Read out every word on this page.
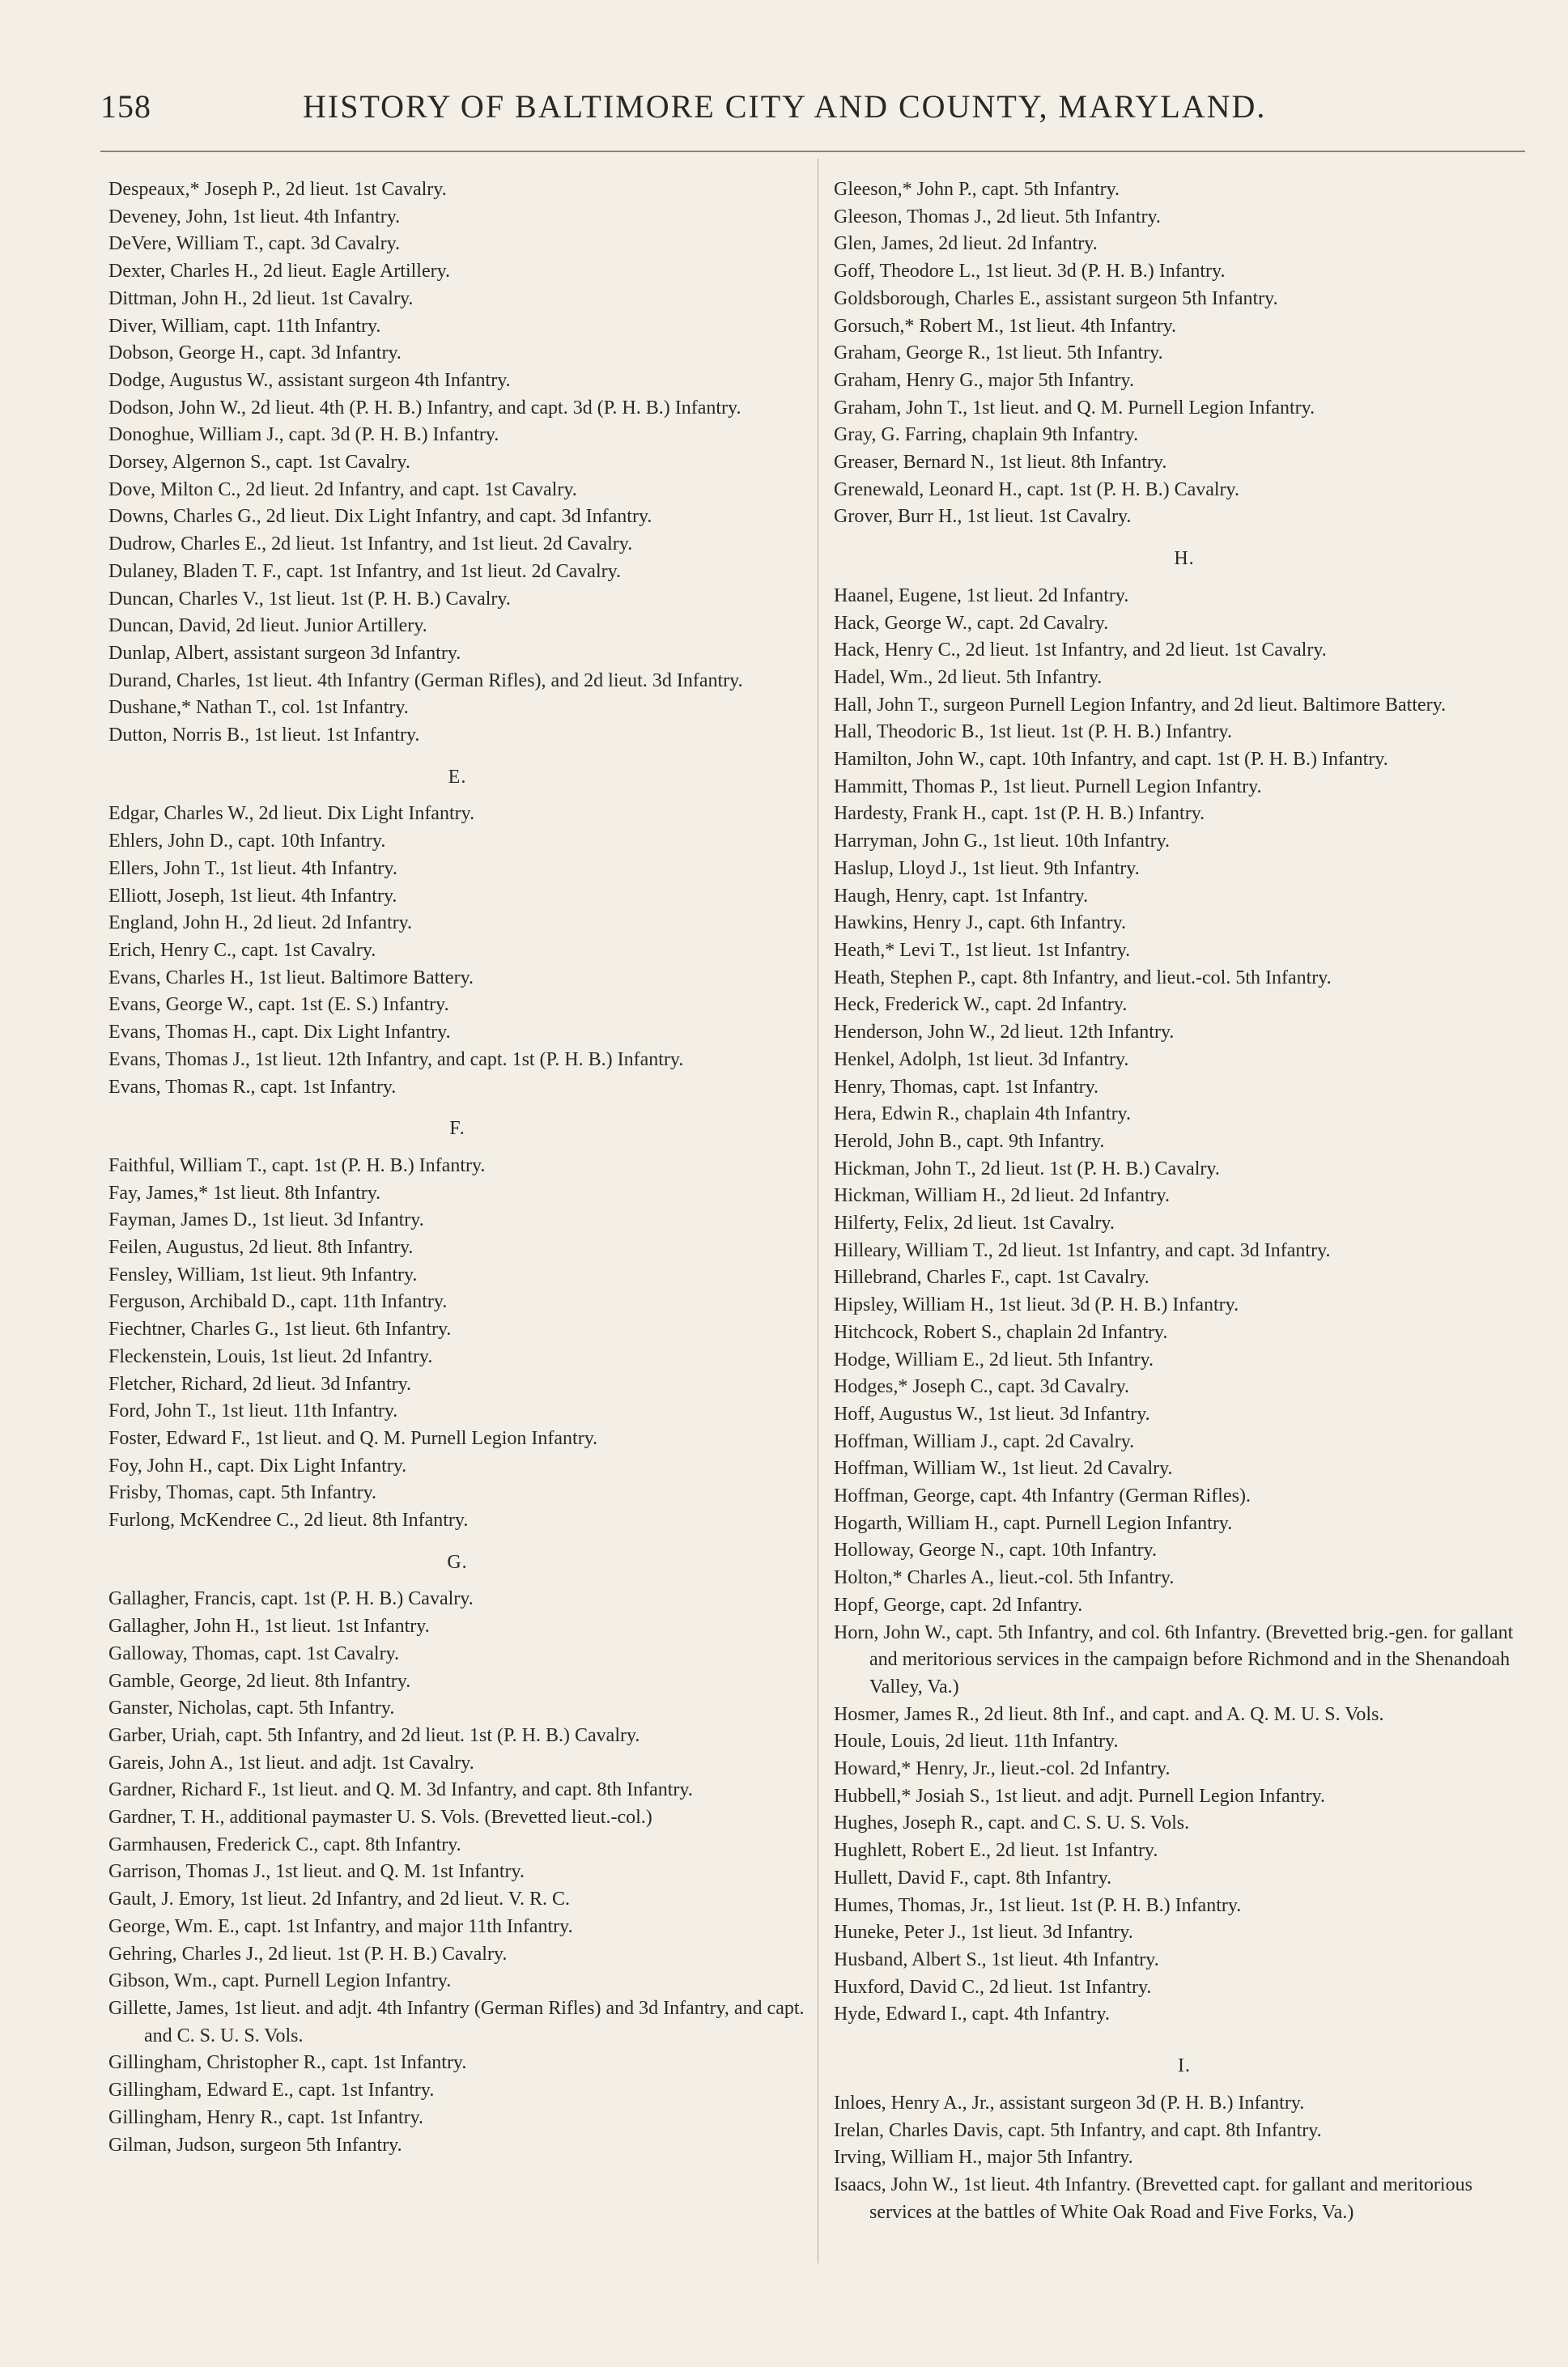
158	HISTORY OF BALTIMORE CITY AND COUNTY, MARYLAND.

Despeaux,* Joseph P., 2d lieut. 1st Cavalry.

Deveney, John, 1st lieut. 4th Infantry.

DeVere, William T., capt. 3d Cavalry.

Dexter, Charles H., 2d lieut. Eagle Artillery.

Dittman, John H., 2d lieut. 1st Cavalry.

Diver, William, capt. 11th Infantry.

Dobson, George H., capt. 3d Infantry.

Dodge, Augustus W., assistant surgeon 4th Infantry.

Dodson, John W., 2d lieut. 4th (P. H. B.) Infantry, and capt. 3d (P. H. B.) Infantry.

Donoghue, William J., capt. 3d (P. H. B.) Infantry.

Dorsey, Algernon S., capt. 1st Cavalry.

Dove, Milton C., 2d lieut. 2d Infantry, and capt. 1st Cavalry.

Downs, Charles G., 2d lieut. Dix Light Infantry, and capt. 3d Infantry.

Dudrow, Charles E., 2d lieut. 1st Infantry, and 1st lieut. 2d Cavalry.

Dulaney, Bladen T. F., capt. 1st Infantry, and 1st lieut. 2d Cavalry.

Duncan, Charles V., 1st lieut. 1st (P. H. B.) Cavalry.

Duncan, David, 2d lieut. Junior Artillery.

Dunlap, Albert, assistant surgeon 3d Infantry.

Durand, Charles, 1st lieut. 4th Infantry (German Rifles), and 2d lieut. 3d Infantry.

Dushane,* Nathan T., col. 1st Infantry.

Dutton, Norris B., 1st lieut. 1st Infantry.

E.

Edgar, Charles W., 2d lieut. Dix Light Infantry.

Ehlers, John D., capt. 10th Infantry.

Ellers, John T., 1st lieut. 4th Infantry.

Elliott, Joseph, 1st lieut. 4th Infantry.

England, John H., 2d lieut. 2d Infantry.

Erich, Henry C., capt. 1st Cavalry.

Evans, Charles H., 1st lieut. Baltimore Battery.

Evans, George W., capt. 1st (E. S.) Infantry.

Evans, Thomas H., capt. Dix Light Infantry.

Evans, Thomas J., 1st lieut. 12th Infantry, and capt. 1st (P. H. B.) Infantry.

Evans, Thomas R., capt. 1st Infantry.

F.

Faithful, William T., capt. 1st (P. H. B.) Infantry.

Fay, James,* 1st lieut. 8th Infantry.

Fayman, James D., 1st lieut. 3d Infantry.

Feilen, Augustus, 2d lieut. 8th Infantry.

Fensley, William, 1st lieut. 9th Infantry.

Ferguson, Archibald D., capt. 11th Infantry.

Fiechtner, Charles G., 1st lieut. 6th Infantry.

Fleckenstein, Louis, 1st lieut. 2d Infantry.

Fletcher, Richard, 2d lieut. 3d Infantry.

Ford, John T., 1st lieut. 11th Infantry.

Foster, Edward F., 1st lieut. and Q. M. Purnell Legion Infantry.

Foy, John H., capt. Dix Light Infantry.

Frisby, Thomas, capt. 5th Infantry.

Furlong, McKendree C., 2d lieut. 8th Infantry.

G.

Gallagher, Francis, capt. 1st (P. H. B.) Cavalry.

Gallagher, John H., 1st lieut. 1st Infantry.

Galloway, Thomas, capt. 1st Cavalry.

Gamble, George, 2d lieut. 8th Infantry.

Ganster, Nicholas, capt. 5th Infantry.

Garber, Uriah, capt. 5th Infantry, and 2d lieut. 1st (P. H. B.) Cavalry.

Gareis, John A., 1st lieut. and adjt. 1st Cavalry.

Gardner, Richard F., 1st lieut. and Q. M. 3d Infantry, and capt. 8th Infantry.

Gardner, T. H., additional paymaster U. S. Vols. (Brevetted lieut.-col.)

Garmhausen, Frederick C., capt. 8th Infantry.

Garrison, Thomas J., 1st lieut. and Q. M. 1st Infantry.

Gault, J. Emory, 1st lieut. 2d Infantry, and 2d lieut. V. R. C.

George, Wm. E., capt. 1st Infantry, and major 11th Infantry.

Gehring, Charles J., 2d lieut. 1st (P. H. B.) Cavalry.

Gibson, Wm., capt. Purnell Legion Infantry.

Gillette, James, 1st lieut. and adjt. 4th Infantry (German Rifles) and 3d Infantry, and capt. and C. S. U. S. Vols.

Gillingham, Christopher R., capt. 1st Infantry.

Gillingham, Edward E., capt. 1st Infantry.

Gillingham, Henry R., capt. 1st Infantry.

Gilman, Judson, surgeon 5th Infantry.

Gleeson,* John P., capt. 5th Infantry.

Gleeson, Thomas J., 2d lieut. 5th Infantry.

Glen, James, 2d lieut. 2d Infantry.

Goff, Theodore L., 1st lieut. 3d (P. H. B.) Infantry.

Goldsborough, Charles E., assistant surgeon 5th Infantry.

Gorsuch,* Robert M., 1st lieut. 4th Infantry.

Graham, George R., 1st lieut. 5th Infantry.

Graham, Henry G., major 5th Infantry.

Graham, John T., 1st lieut. and Q. M. Purnell Legion Infantry.

Gray, G. Farring, chaplain 9th Infantry.

Greaser, Bernard N., 1st lieut. 8th Infantry.

Grenewald, Leonard H., capt. 1st (P. H. B.) Cavalry.

Grover, Burr H., 1st lieut. 1st Cavalry.

H.

Haanel, Eugene, 1st lieut. 2d Infantry.

Hack, George W., capt. 2d Cavalry.

Hack, Henry C., 2d lieut. 1st Infantry, and 2d lieut. 1st Cavalry.

Hadel, Wm., 2d lieut. 5th Infantry.

Hall, John T., surgeon Purnell Legion Infantry, and 2d lieut. Baltimore Battery.

Hall, Theodoric B., 1st lieut. 1st (P. H. B.) Infantry.

Hamilton, John W., capt. 10th Infantry, and capt. 1st (P. H. B.) Infantry.

Hammitt, Thomas P., 1st lieut. Purnell Legion Infantry.

Hardesty, Frank H., capt. 1st (P. H. B.) Infantry.

Harryman, John G., 1st lieut. 10th Infantry.

Haslup, Lloyd J., 1st lieut. 9th Infantry.

Haugh, Henry, capt. 1st Infantry.

Hawkins, Henry J., capt. 6th Infantry.

Heath,* Levi T., 1st lieut. 1st Infantry.

Heath, Stephen P., capt. 8th Infantry, and lieut.-col. 5th Infantry.

Heck, Frederick W., capt. 2d Infantry.

Henderson, John W., 2d lieut. 12th Infantry.

Henkel, Adolph, 1st lieut. 3d Infantry.

Henry, Thomas, capt. 1st Infantry.

Hera, Edwin R., chaplain 4th Infantry.

Herold, John B., capt. 9th Infantry.

Hickman, John T., 2d lieut. 1st (P. H. B.) Cavalry.

Hickman, William H., 2d lieut. 2d Infantry.

Hilferty, Felix, 2d lieut. 1st Cavalry.

Hilleary, William T., 2d lieut. 1st Infantry, and capt. 3d Infantry.

Hillebrand, Charles F., capt. 1st Cavalry.

Hipsley, William H., 1st lieut. 3d (P. H. B.) Infantry.

Hitchcock, Robert S., chaplain 2d Infantry.

Hodge, William E., 2d lieut. 5th Infantry.

Hodges,* Joseph C., capt. 3d Cavalry.

Hoff, Augustus W., 1st lieut. 3d Infantry.

Hoffman, William J., capt. 2d Cavalry.

Hoffman, William W., 1st lieut. 2d Cavalry.

Hoffman, George, capt. 4th Infantry (German Rifles).

Hogarth, William H., capt. Purnell Legion Infantry.

Holloway, George N., capt. 10th Infantry.

Holton,* Charles A., lieut.-col. 5th Infantry.

Hopf, George, capt. 2d Infantry.

Horn, John W., capt. 5th Infantry, and col. 6th Infantry. (Brevetted brig.-gen. for gallant and meritorious services in the campaign before Richmond and in the Shenandoah Valley, Va.)

Hosmer, James R., 2d lieut. 8th Inf., and capt. and A. Q. M. U. S. Vols.

Houle, Louis, 2d lieut. 11th Infantry.

Howard,* Henry, Jr., lieut.-col. 2d Infantry.

Hubbell,* Josiah S., 1st lieut. and adjt. Purnell Legion Infantry.

Hughes, Joseph R., capt. and C. S. U. S. Vols.

Hughlett, Robert E., 2d lieut. 1st Infantry.

Hullett, David F., capt. 8th Infantry.

Humes, Thomas, Jr., 1st lieut. 1st (P. H. B.) Infantry.

Huneke, Peter J., 1st lieut. 3d Infantry.

Husband, Albert S., 1st lieut. 4th Infantry.

Huxford, David C., 2d lieut. 1st Infantry.

Hyde, Edward I., capt. 4th Infantry.

I.

Inloes, Henry A., Jr., assistant surgeon 3d (P. H. B.) Infantry.

Irelan, Charles Davis, capt. 5th Infantry, and capt. 8th Infantry.

Irving, William H., major 5th Infantry.

Isaacs, John W., 1st lieut. 4th Infantry. (Brevetted capt. for gallant and meritorious services at the battles of White Oak Road and Five Forks, Va.)
